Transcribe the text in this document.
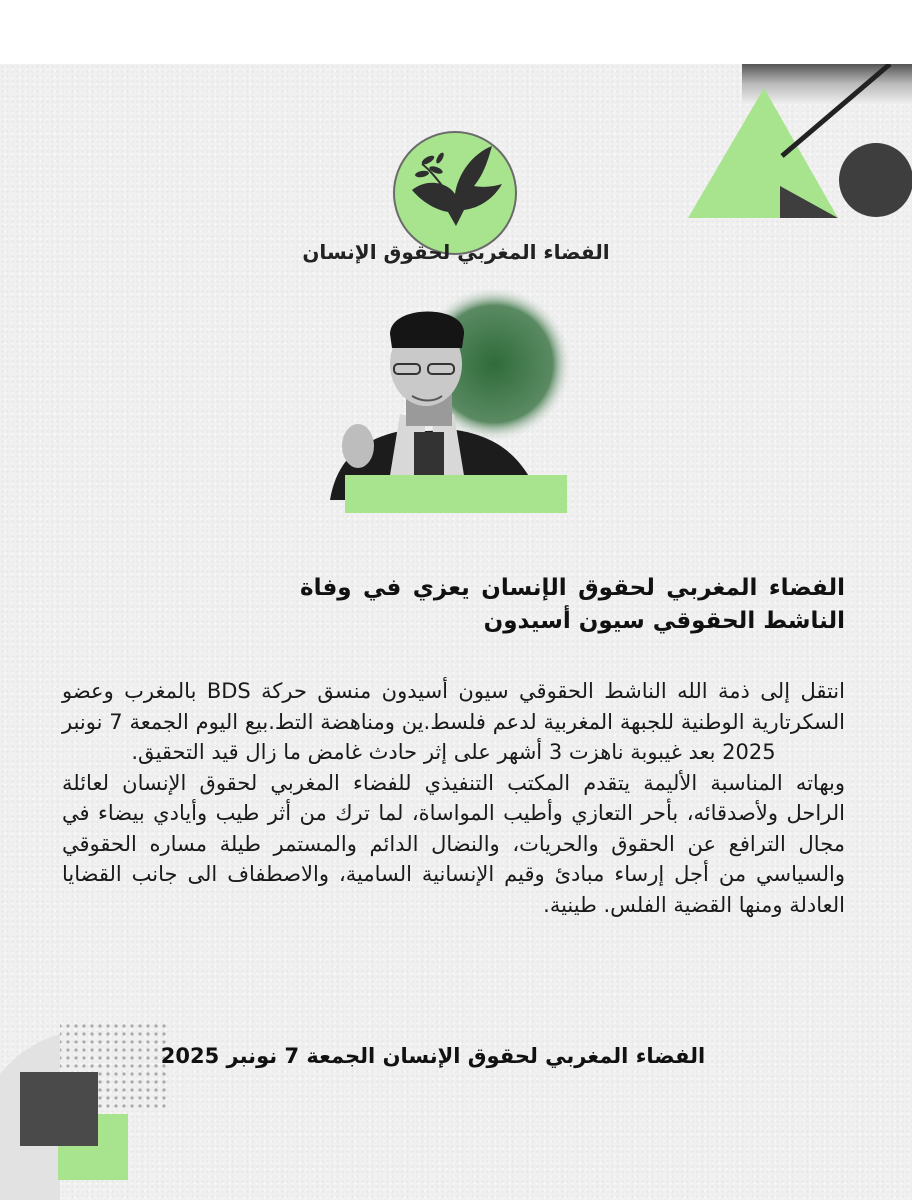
الفضاء المغربي لحقوق الإنسان
الفضاء المغربي لحقوق الإنسان يعزي في وفاة الناشط الحقوقي سيون أسيدون

انتقل إلى ذمة الله الناشط الحقوقي سيون أسيدون منسق حركة BDS بالمغرب وعضو السكرتارية الوطنية للجبهة المغربية لدعم فلسط.ين ومناهضة التط.بيع اليوم الجمعة 7 نونبر 2025 بعد غيبوبة ناهزت 3 أشهر على إثر حادث غامض ما زال قيد التحقيق.

وبهاته المناسبة الأليمة يتقدم المكتب التنفيذي للفضاء المغربي لحقوق الإنسان لعائلة الراحل ولأصدقائه، بأحر التعازي وأطيب المواساة، لما ترك من أثر طيب وأيادي بيضاء في مجال الترافع عن الحقوق والحريات، والنضال الدائم والمستمر طيلة مساره الحقوقي والسياسي من أجل إرساء مبادئ وقيم الإنسانية السامية، والاصطفاف الى جانب القضايا العادلة ومنها القضية الفلس. طينية.

الفضاء المغربي لحقوق الإنسان الجمعة 7 نونبر 2025
